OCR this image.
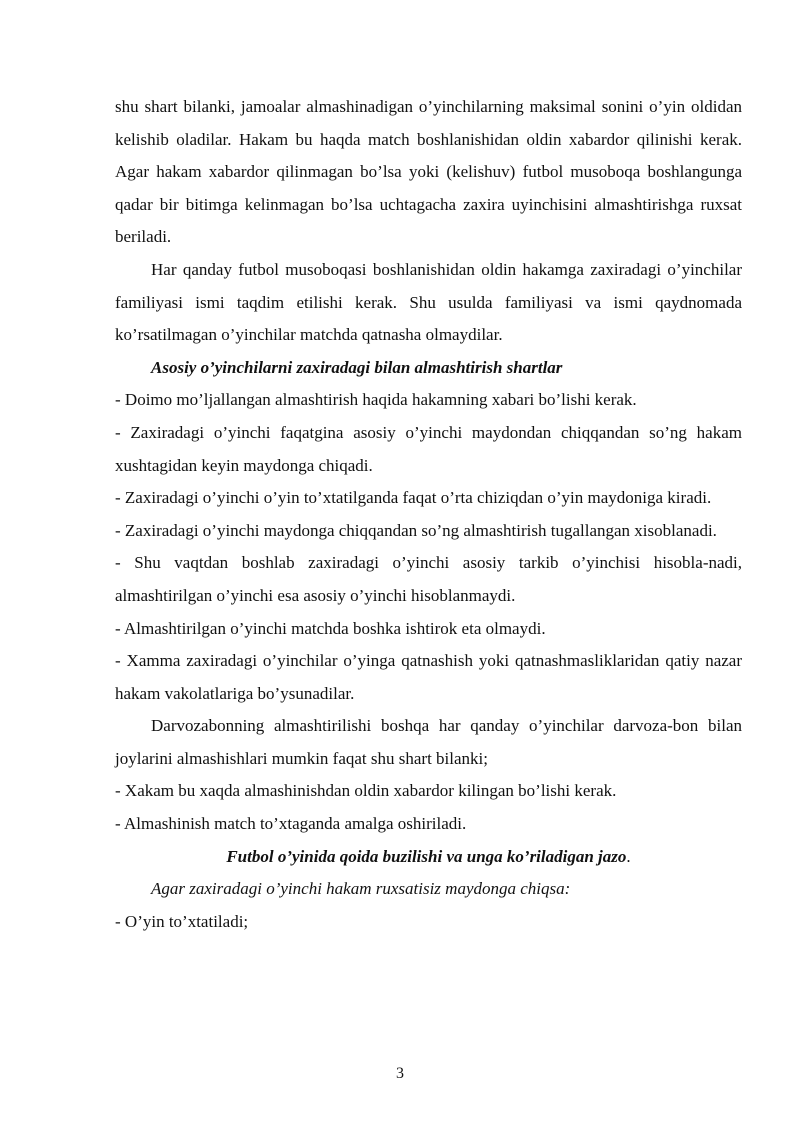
shu shart bilanki, jamoalar almashinadigan o’yinchilarning maksimal sonini o’yin oldidan kelishib oladilar. Hakam bu haqda match boshlanishidan oldin xabardor qilinishi kerak. Agar hakam xabardor qilinmagan bo’lsa yoki (kelishuv) futbol musoboqa boshlangunga qadar bir bitimga kelinmagan bo’lsa uchtagacha zaxira uyinchisini almashtirishga ruxsat beriladi.

Har qanday futbol musoboqasi boshlanishidan oldin hakamga zaxiradagi o’yinchilar familiyasi ismi taqdim etilishi kerak. Shu usulda familiyasi va ismi qaydnomada ko’rsatilmagan o’yinchilar matchda qatnasha olmaydilar.

Asosiy o’yinchilarni zaxiradagi bilan almashtirish shartlar

- Doimo mo’ljallangan almashtirish haqida hakamning xabari bo’lishi kerak.

- Zaxiradagi o’yinchi faqatgina asosiy o’yinchi maydondan chiqqandan so’ng hakam xushtagidan keyin maydonga chiqadi.

- Zaxiradagi o’yinchi o’yin to’xtatilganda faqat o’rta chiziqdan o’yin maydoniga kiradi.

- Zaxiradagi o’yinchi maydonga chiqqandan so’ng almashtirish tugallangan xisoblanadi.

- Shu vaqtdan boshlab zaxiradagi o’yinchi asosiy tarkib o’yinchisi hisobla-nadi, almashtirilgan o’yinchi esa asosiy o’yinchi hisoblanmaydi.

- Almashtirilgan o’yinchi matchda boshka ishtirok eta olmaydi.

- Xamma zaxiradagi o’yinchilar o’yinga qatnashish yoki qatnashmasliklaridan qatiy nazar hakam vakolatlariga bo’ysunadilar.

Darvozabonning almashtirilishi boshqa har qanday o’yinchilar darvoza-bon bilan joylarini almashishlari mumkin faqat shu shart bilanki;

- Xakam bu xaqda almashinishdan oldin xabardor kilingan bo’lishi kerak.

- Almashinish match to’xtaganda amalga oshiriladi.

Futbol o’yinida qoida buzilishi va unga ko’riladigan jazo.

Agar zaxiradagi o’yinchi hakam ruxsatisiz maydonga chiqsa:

- O’yin to’xtatiladi;

3
